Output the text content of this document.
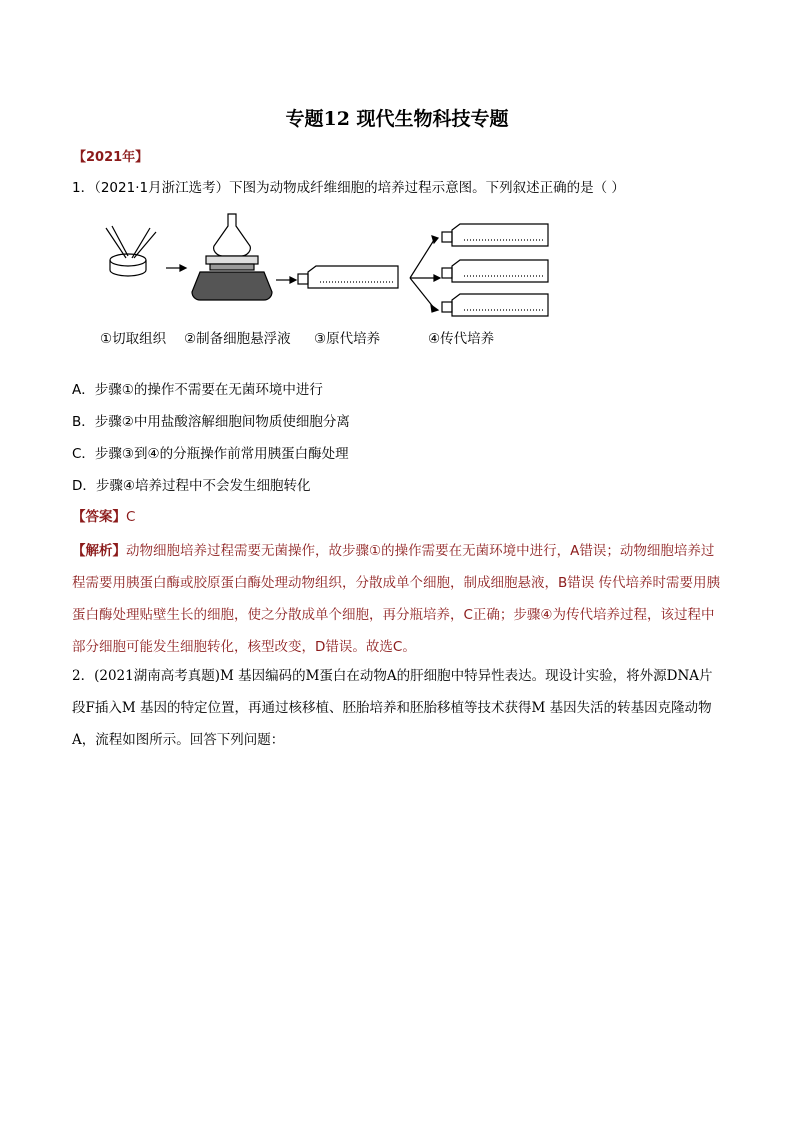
专题12 现代生物科技专题
【2021年】
1．（2021·1月浙江选考）下图为动物成纤维细胞的培养过程示意图。下列叙述正确的是（ ）
①切取组织 ②制备细胞悬浮液 ③原代培养	④传代培养
A．步骤①的操作不需要在无菌环境中进行
B．步骤②中用盐酸溶解细胞间物质使细胞分离
C．步骤③到④的分瓶操作前常用胰蛋白酶处理
D．步骤④培养过程中不会发生细胞转化
【答案】C
【解析】动物细胞培养过程需要无菌操作，故步骤①的操作需要在无菌环境中进行，A错误；动物细胞培养过程需要用胰蛋白酶或胶原蛋白酶处理动物组织，分散成单个细胞，制成细胞悬液，B错误 传代培养时需要用胰蛋白酶处理贴壁生长的细胞，使之分散成单个细胞，再分瓶培养，C正确；步骤④为传代培养过程，该过程中部分细胞可能发生细胞转化，核型改变，D错误。故选C。
2．(2021湖南高考真题)M 基因编码的M蛋白在动物A的肝细胞中特异性表达。现设计实验，将外源DNA片段F插入M 基因的特定位置，再通过核移植、胚胎培养和胚胎移植等技术获得M 基因失活的转基因克隆动物A，流程如图所示。回答下列问题：
